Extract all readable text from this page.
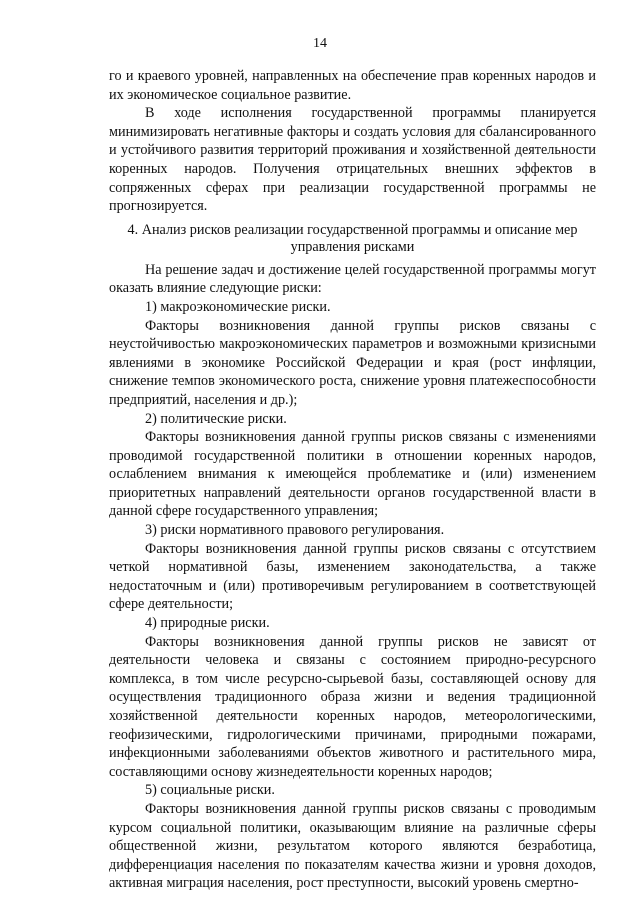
14

го и краевого уровней, направленных на обеспечение прав коренных народов и их экономическое социальное развитие.

В ходе исполнения государственной программы планируется минимизировать негативные факторы и создать условия для сбалансированного и устойчивого развития территорий проживания и хозяйственной деятельности коренных народов. Получения отрицательных внешних эффектов в сопряженных сферах при реализации государственной программы не прогнозируется.

4. Анализ рисков реализации государственной программы и описание мер
управления рисками

На решение задач и достижение целей государственной программы могут оказать влияние следующие риски:

1) макроэкономические риски.

Факторы возникновения данной группы рисков связаны с неустойчивостью макроэкономических параметров и возможными кризисными явлениями в экономике Российской Федерации и края (рост инфляции, снижение темпов экономического роста, снижение уровня платежеспособности предприятий, населения и др.);

2) политические риски.

Факторы возникновения данной группы рисков связаны с изменениями проводимой государственной политики в отношении коренных народов, ослаблением внимания к имеющейся проблематике и (или) изменением приоритетных направлений деятельности органов государственной власти в данной сфере государственного управления;

3) риски нормативного правового регулирования.

Факторы возникновения данной группы рисков связаны с отсутствием четкой нормативной базы, изменением законодательства, а также недостаточным и (или) противоречивым регулированием в соответствующей сфере деятельности;

4) природные риски.

Факторы возникновения данной группы рисков не зависят от деятельности человека и связаны с состоянием природно-ресурсного комплекса, в том числе ресурсно-сырьевой базы, составляющей основу для осуществления традиционного образа жизни и ведения традиционной хозяйственной деятельности коренных народов, метеорологическими, геофизическими, гидрологическими причинами, природными пожарами, инфекционными заболеваниями объектов животного и растительного мира, составляющими основу жизнедеятельности коренных народов;

5) социальные риски.

Факторы возникновения данной группы рисков связаны с проводимым курсом социальной политики, оказывающим влияние на различные сферы общественной жизни, результатом которого являются безработица, дифференциация населения по показателям качества жизни и уровня доходов, активная миграция населения, рост преступности, высокий уровень смертно-
